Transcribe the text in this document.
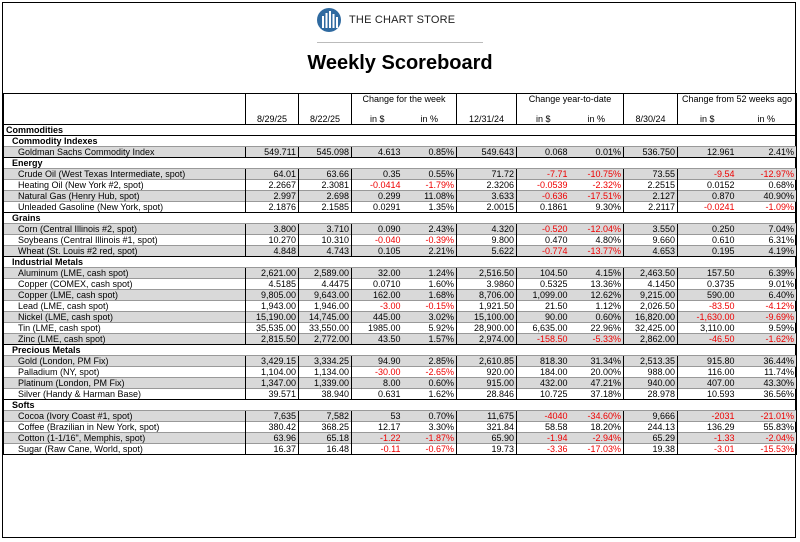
THE CHART STORE
Weekly Scoreboard
			Change for the week			Change year-to-date			Change from 52 weeks ago	
	8/29/25	8/22/25	in $	in %	12/31/24	in $	in %	8/30/24	in $	in %
Commodities										
Commodity Indexes										
Goldman Sachs Commodity Index	549.711	545.098	4.613	0.85%	549.643	0.068	0.01%	536.750	12.961	2.41%
Energy										
Crude Oil (West Texas Intermediate, spot)	64.01	63.66	0.35	0.55%	71.72	-7.71	-10.75%	73.55	-9.54	-12.97%
Heating Oil (New York #2, spot)	2.2667	2.3081	-0.0414	-1.79%	2.3206	-0.0539	-2.32%	2.2515	0.0152	0.68%
Natural Gas (Henry Hub, spot)	2.997	2.698	0.299	11.08%	3.633	-0.636	-17.51%	2.127	0.870	40.90%
Unleaded Gasoline (New York, spot)	2.1876	2.1585	0.0291	1.35%	2.0015	0.1861	9.30%	2.2117	-0.0241	-1.09%
Grains										
Corn (Central Illinois #2, spot)	3.800	3.710	0.090	2.43%	4.320	-0.520	-12.04%	3.550	0.250	7.04%
Soybeans (Central Illinois #1, spot)	10.270	10.310	-0.040	-0.39%	9.800	0.470	4.80%	9.660	0.610	6.31%
Wheat (St. Louis #2 red, spot)	4.848	4.743	0.105	2.21%	5.622	-0.774	-13.77%	4.653	0.195	4.19%
Industrial Metals										
Aluminum (LME, cash spot)	2,621.00	2,589.00	32.00	1.24%	2,516.50	104.50	4.15%	2,463.50	157.50	6.39%
Copper (COMEX, cash spot)	4.5185	4.4475	0.0710	1.60%	3.9860	0.5325	13.36%	4.1450	0.3735	9.01%
Copper (LME, cash spot)	9,805.00	9,643.00	162.00	1.68%	8,706.00	1,099.00	12.62%	9,215.00	590.00	6.40%
Lead (LME, cash spot)	1,943.00	1,946.00	-3.00	-0.15%	1,921.50	21.50	1.12%	2,026.50	-83.50	-4.12%
Nickel (LME, cash spot)	15,190.00	14,745.00	445.00	3.02%	15,100.00	90.00	0.60%	16,820.00	-1,630.00	-9.69%
Tin (LME, cash spot)	35,535.00	33,550.00	1985.00	5.92%	28,900.00	6,635.00	22.96%	32,425.00	3,110.00	9.59%
Zinc (LME, cash spot)	2,815.50	2,772.00	43.50	1.57%	2,974.00	-158.50	-5.33%	2,862.00	-46.50	-1.62%
Precious Metals										
Gold (London, PM Fix)	3,429.15	3,334.25	94.90	2.85%	2,610.85	818.30	31.34%	2,513.35	915.80	36.44%
Palladium (NY, spot)	1,104.00	1,134.00	-30.00	-2.65%	920.00	184.00	20.00%	988.00	116.00	11.74%
Platinum (London, PM Fix)	1,347.00	1,339.00	8.00	0.60%	915.00	432.00	47.21%	940.00	407.00	43.30%
Silver (Handy & Harman Base)	39.571	38.940	0.631	1.62%	28.846	10.725	37.18%	28.978	10.593	36.56%
Softs										
Cocoa (Ivory Coast #1, spot)	7,635	7,582	53	0.70%	11,675	-4040	-34.60%	9,666	-2031	-21.01%
Coffee (Brazilian in New York, spot)	380.42	368.25	12.17	3.30%	321.84	58.58	18.20%	244.13	136.29	55.83%
Cotton (1-1/16", Memphis, spot)	63.96	65.18	-1.22	-1.87%	65.90	-1.94	-2.94%	65.29	-1.33	-2.04%
Sugar (Raw Cane, World, spot)	16.37	16.48	-0.11	-0.67%	19.73	-3.36	-17.03%	19.38	-3.01	-15.53%
